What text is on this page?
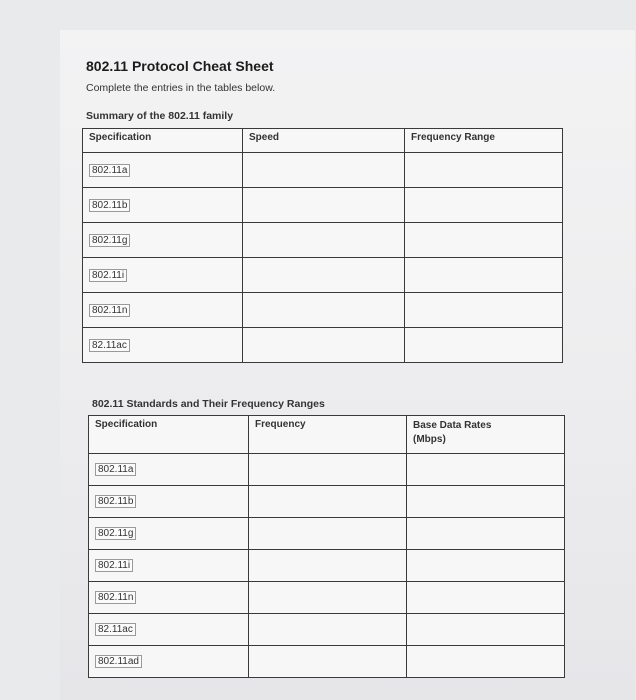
802.11 Protocol Cheat Sheet
Complete the entries in the tables below.
Summary of the 802.11 family
Specification	Speed	Frequency Range
802.11a		
802.11b		
802.11g		
802.11i		
802.11n		
82.11ac		
802.11 Standards and Their Frequency Ranges
Specification	Frequency	Base Data Rates
(Mbps)
802.11a		
802.11b		
802.11g		
802.11i		
802.11n		
82.11ac		
802.11ad		
